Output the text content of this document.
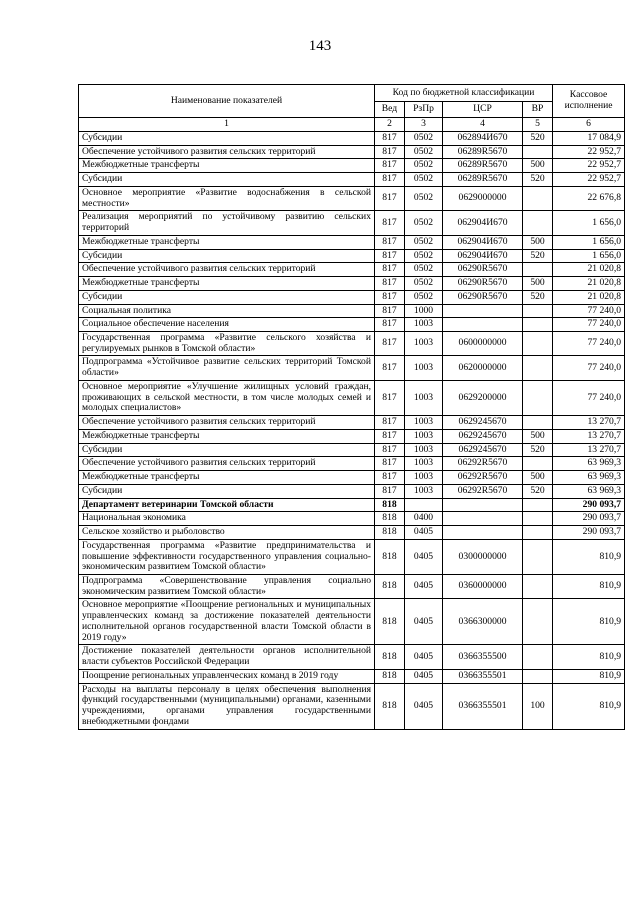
143
Наименование показателей	Код по бюджетной классификации				Кассовое исполнение
	Вед	РзПр	ЦСР	ВР	
1	2	3	4	5	6
Субсидии	817	0502	062894И670	520	17 084,9
Обеспечение устойчивого развития сельских территорий	817	0502	06289R5670		22 952,7
Межбюджетные трансферты	817	0502	06289R5670	500	22 952,7
Субсидии	817	0502	06289R5670	520	22 952,7
Основное мероприятие «Развитие водоснабжения в сельской местности»	817	0502	0629000000		22 676,8
Реализация мероприятий по устойчивому развитию сельских территорий	817	0502	062904И670		1 656,0
Межбюджетные трансферты	817	0502	062904И670	500	1 656,0
Субсидии	817	0502	062904И670	520	1 656,0
Обеспечение устойчивого развития сельских территорий	817	0502	06290R5670		21 020,8
Межбюджетные трансферты	817	0502	06290R5670	500	21 020,8
Субсидии	817	0502	06290R5670	520	21 020,8
Социальная политика	817	1000			77 240,0
Социальное обеспечение населения	817	1003			77 240,0
Государственная программа «Развитие сельского хозяйства и регулируемых рынков в Томской области»	817	1003	0600000000		77 240,0
Подпрограмма «Устойчивое развитие сельских территорий Томской области»	817	1003	0620000000		77 240,0
Основное мероприятие «Улучшение жилищных условий граждан, проживающих в сельской местности, в том числе молодых семей и молодых специалистов»	817	1003	0629200000		77 240,0
Обеспечение устойчивого развития сельских территорий	817	1003	0629245670		13 270,7
Межбюджетные трансферты	817	1003	0629245670	500	13 270,7
Субсидии	817	1003	0629245670	520	13 270,7
Обеспечение устойчивого развития сельских территорий	817	1003	06292R5670		63 969,3
Межбюджетные трансферты	817	1003	06292R5670	500	63 969,3
Субсидии	817	1003	06292R5670	520	63 969,3
Департамент ветеринарии Томской области	818				290 093,7
Национальная экономика	818	0400			290 093,7
Сельское хозяйство и рыболовство	818	0405			290 093,7
Государственная программа «Развитие предпринимательства и повышение эффективности государственного управления социально-экономическим развитием Томской области»	818	0405	0300000000		810,9
Подпрограмма «Совершенствование управления социально экономическим развитием Томской области»	818	0405	0360000000		810,9
Основное мероприятие «Поощрение региональных и муниципальных управленческих команд за достижение показателей деятельности исполнительной органов государственной власти Томской области в 2019 году»	818	0405	0366300000		810,9
Достижение показателей деятельности органов исполнительной власти субъектов Российской Федерации	818	0405	0366355500		810,9
Поощрение региональных управленческих команд в 2019 году	818	0405	0366355501		810,9
Расходы на выплаты персоналу в целях обеспечения выполнения функций государственными (муниципальными) органами, казенными учреждениями, органами управления государственными внебюджетными фондами	818	0405	0366355501	100	810,9
